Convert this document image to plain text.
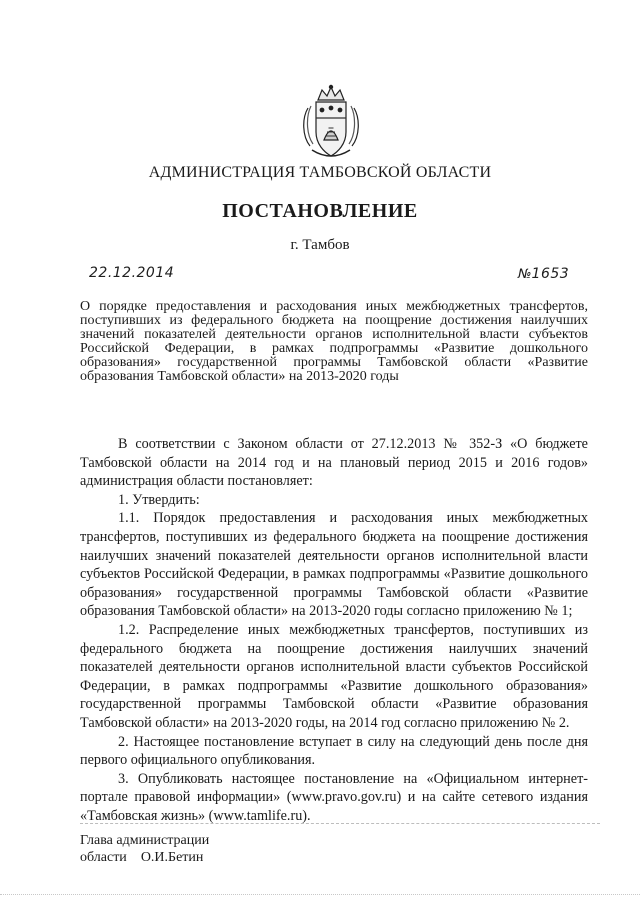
АДМИНИСТРАЦИЯ ТАМБОВСКОЙ ОБЛАСТИ
ПОСТАНОВЛЕНИЕ
г. Тамбов
22.12.2014	№1653
О порядке предоставления и расходования иных межбюджетных трансфертов, поступивших из федерального бюджета на поощрение достижения наилучших значений показателей деятельности органов исполнительной власти субъектов Российской Федерации, в рамках подпрограммы «Развитие дошкольного образования» государственной программы Тамбовской области «Развитие образования Тамбовской области» на 2013-2020 годы

В соответствии с Законом области от 27.12.2013 № 352-З «О бюджете Тамбовской области на 2014 год и на плановый период 2015 и 2016 годов» администрация области постановляет:

1. Утвердить:

1.1. Порядок предоставления и расходования иных межбюджетных трансфертов, поступивших из федерального бюджета на поощрение достижения наилучших значений показателей деятельности органов исполнительной власти субъектов Российской Федерации, в рамках подпрограммы «Развитие дошкольного образования» государственной программы Тамбовской области «Развитие образования Тамбовской области» на 2013-2020 годы согласно приложению № 1;

1.2. Распределение иных межбюджетных трансфертов, поступивших из федерального бюджета на поощрение достижения наилучших значений показателей деятельности органов исполнительной власти субъектов Российской Федерации, в рамках подпрограммы «Развитие дошкольного образования» государственной программы Тамбовской области «Развитие образования Тамбовской области» на 2013-2020 годы, на 2014 год согласно приложению № 2.

2. Настоящее постановление вступает в силу на следующий день после дня первого официального опубликования.

3. Опубликовать настоящее постановление на «Официальном интернет-портале правовой информации» (www.pravo.gov.ru) и на сайте сетевого издания «Тамбовская жизнь» (www.tamlife.ru).

Глава администрации
области О.И.Бетин
